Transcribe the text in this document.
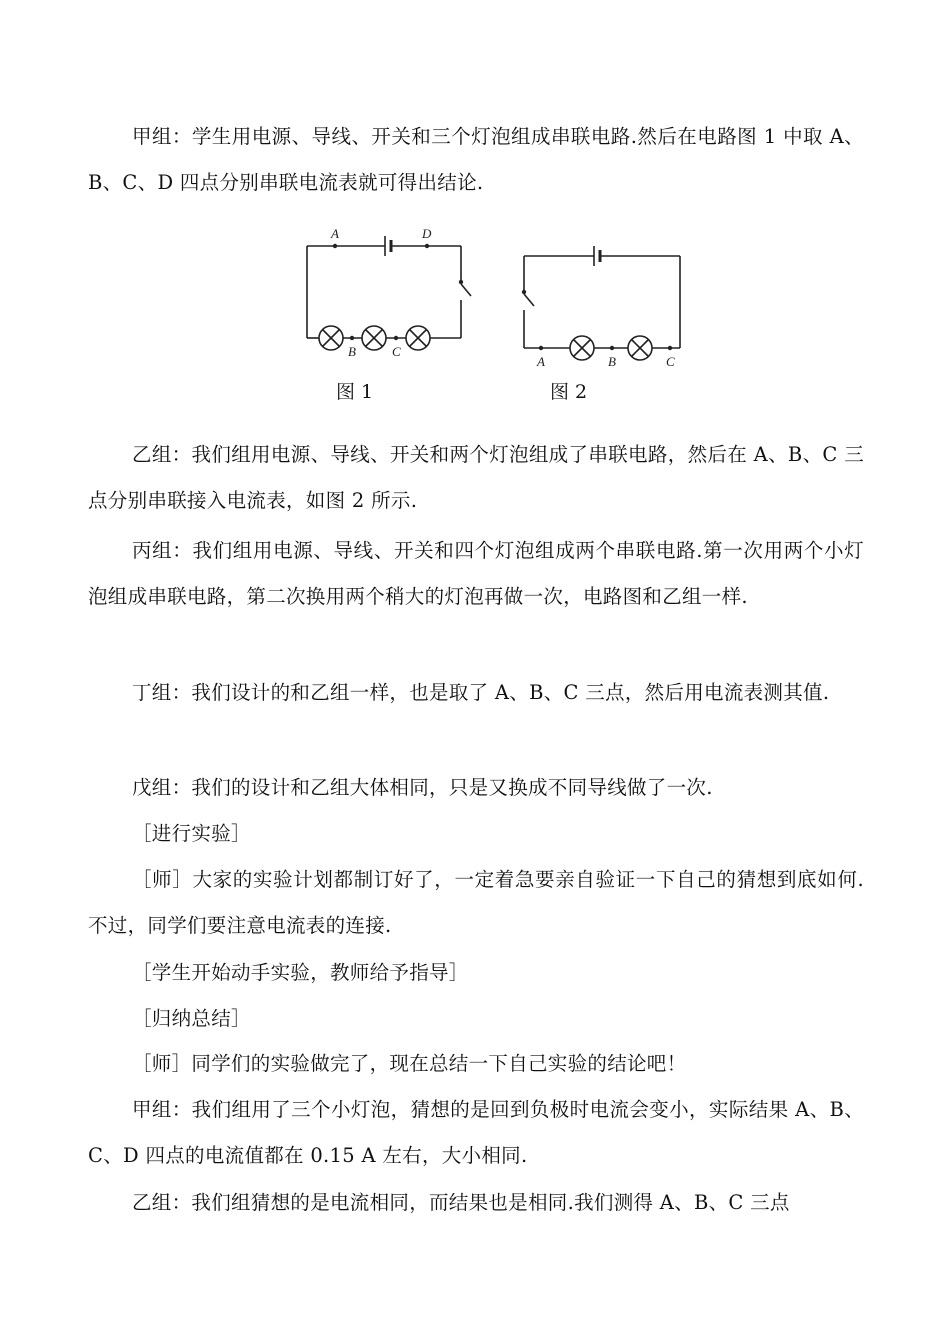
甲组：学生用电源、导线、开关和三个灯泡组成串联电路.然后在电路图 1 中取 A、B、C、D 四点分别串联电流表就可得出结论.

A	D
B	C
A	B	C
图 1	图 2

乙组：我们组用电源、导线、开关和两个灯泡组成了串联电路，然后在 A、B、C 三点分别串联接入电流表，如图 2 所示.

丙组：我们组用电源、导线、开关和四个灯泡组成两个串联电路.第一次用两个小灯泡组成串联电路，第二次换用两个稍大的灯泡再做一次，电路图和乙组一样.

丁组：我们设计的和乙组一样，也是取了 A、B、C 三点，然后用电流表测其值.

戊组：我们的设计和乙组大体相同，只是又换成不同导线做了一次.

［进行实验］

［师］大家的实验计划都制订好了，一定着急要亲自验证一下自己的猜想到底如何.不过，同学们要注意电流表的连接.

［学生开始动手实验，教师给予指导］

［归纳总结］

［师］同学们的实验做完了，现在总结一下自己实验的结论吧！

甲组：我们组用了三个小灯泡，猜想的是回到负极时电流会变小，实际结果 A、B、C、D 四点的电流值都在 0.15 A 左右，大小相同.

乙组：我们组猜想的是电流相同，而结果也是相同.我们测得 A、B、C 三点
